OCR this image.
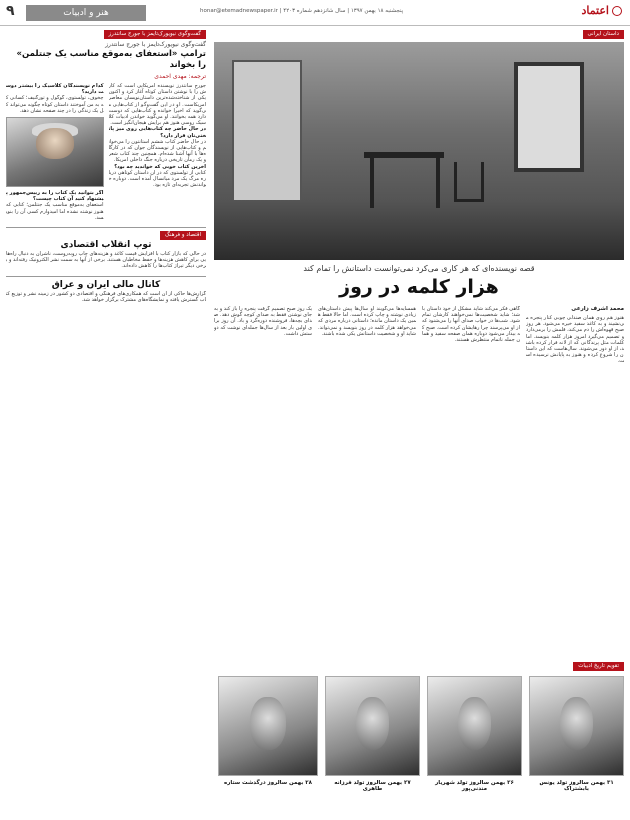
۹	هنر و ادبیات	honar@etemadnewspaper.ir | پنجشنبه ۱۸ بهمن ۱۳۹۷ | سال شانزدهم شماره ۴۲۰۳	اعتماد
گفت‌و‌گوی نیویورک‌تایمز با جورج سانتدرز
گفت‌و‌گوی نیویورک‌تایمز با جورج سانتدرز
ترامپ «استعفای به‌موقع مناسب یک جنتلمن» را بخواند
ترجمه: مهدی احمدی
جورج سانتدرز نویسنده امریکایی است که کارش را با نوشتن داستان کوتاه آغاز کرد و اکنون یکی از شناخته‌شده‌ترین داستان‌نویسان معاصر امریکاست. او در این گفت‌و‌گو از کتاب‌هایی می‌گوید که اخیرا خوانده و کتاب‌هایی که دوست دارد همه بخوانند. او می‌گوید خواندن ادبیات کلاسیک روسی هنوز هم برایش هیجان‌انگیز است.
در حال حاضر چه کتاب‌هایی روی میز پاتختی‌تان قرار دارد؟
در حال حاضر کتاب ششم استانتون را می‌خوانم و کتاب‌هایی از نویسندگان جوان که در کارگاه‌ها با آنها آشنا شده‌ام. همچنین چند کتاب شعر و یک رمان تاریخی درباره جنگ داخلی امریکا.
آخرین کتاب خوبی که خواندید چه بود؟
کتابی از تولستوی که در آن داستان کوتاهی درباره مرگ یک مرد میانسال آمده است. دوباره خواندنش تجربه‌ای تازه بود.
کدام نویسندگان کلاسیک را بیشتر دوست دارید؟
چخوف، تولستوی، گوگول و تورگنیف؛ کسانی که به من آموختند داستان کوتاه چگونه می‌تواند کل یک زندگی را در چند صفحه نشان دهد.
اگر بتوانید یک کتاب را به رییس‌جمهور پیشنهاد کنید آن کتاب چیست؟
استعفای به‌موقع مناسب یک جنتلمن؛ کتابی که هنوز نوشته نشده اما امیدوارم کسی آن را بنویسد.
اقتصاد و فرهنگ
توپ انقلاب اقتصادی
در حالی که بازار کتاب با افزایش قیمت کاغذ و هزینه‌های چاپ روبه‌روست، ناشران به دنبال راه‌هایی برای کاهش هزینه‌ها و حفظ مخاطبان هستند. برخی از آنها به سمت نشر الکترونیک رفته‌اند و برخی دیگر تیراژ کتاب‌ها را کاهش داده‌اند.
کانال مالی ایران و عراق
گزارش‌ها حاکی از آن است که همکاری‌های فرهنگی و اقتصادی دو کشور در زمینه نشر و توزیع کتاب گسترش یافته و نمایشگاه‌های مشترک برگزار خواهد شد.
داستان ایرانی
قصه نویسنده‌ای که هر کاری می‌کرد نمی‌توانست داستانش را تمام کند
هزار کلمه در روز
محمد اشرف زارعی
هنوز هم روی همان صندلی چوبی کنار پنجره می‌نشیند و به کاغذ سفید خیره می‌شود. هر روز صبح قهوه‌اش را دم می‌کند، قلمش را برمی‌دارد و تصمیم می‌گیرد امروز هزار کلمه بنویسد. اما کلمات مثل پرندگانی که از لانه فرار کرده باشند، از او دور می‌شوند. سال‌هاست که این داستان را شروع کرده و هنوز به پایانش نرسیده است.
گاهی فکر می‌کند شاید مشکل از خود داستان باشد؛ شاید شخصیت‌ها نمی‌خواهند کارشان تمام شود. شب‌ها در خواب صدای آنها را می‌شنود که از او می‌پرسند چرا رهایشان کرده است. صبح که بیدار می‌شود دوباره همان صفحه سفید و همان جمله ناتمام منتظرش هستند.
همسایه‌ها می‌گویند او سال‌ها پیش داستان‌های زیادی نوشته و چاپ کرده است. اما حالا فقط همین یک داستان مانده؛ داستانی درباره مردی که می‌خواهد هزار کلمه در روز بنویسد و نمی‌تواند. شاید او و شخصیت داستانش یکی شده باشند.
یک روز صبح تصمیم گرفت پنجره را باز کند و به جای نوشتن فقط به صدای کوچه گوش دهد. صدای بچه‌ها، فروشنده دوره‌گرد و باد. آن روز برای اولین بار بعد از سال‌ها جمله‌ای نوشت که دوستش داشت.
تقویم تاریخ ادبیات
۳۱ بهمن سالروز تولد یونس بابشتراک
۲۶ بهمن سالروز تولد شهریار مندنی‌پور
۲۷ بهمن سالروز تولد فرزانه طاهری
۲۸ بهمن سالروز درگذشت ستاره
